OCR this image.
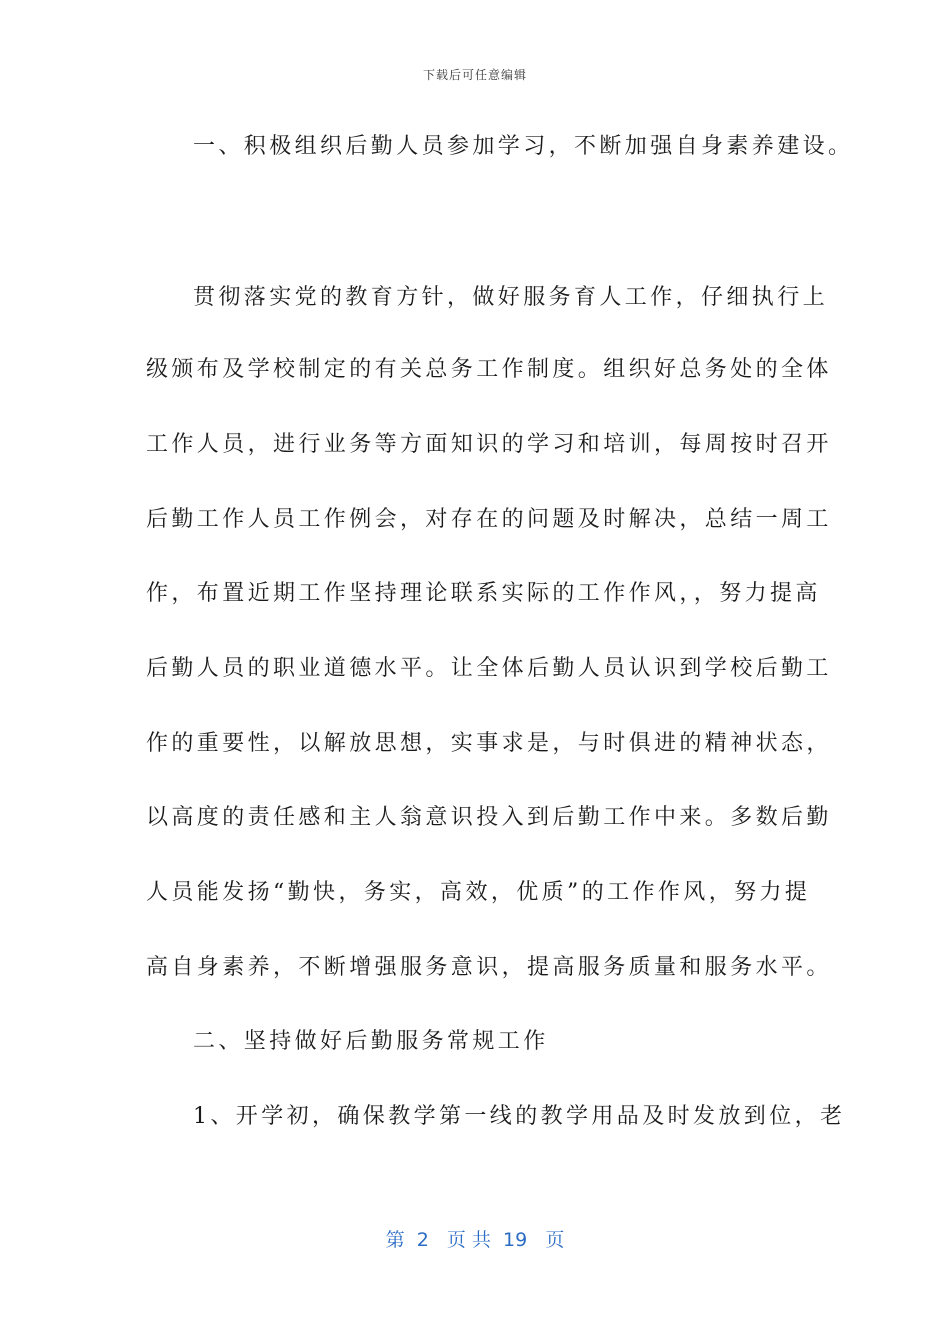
下载后可任意编辑
一、积极组织后勤人员参加学习，不断加强自身素养建设。
贯彻落实党的教育方针，做好服务育人工作，仔细执行上
级颁布及学校制定的有关总务工作制度。组织好总务处的全体
工作人员，进行业务等方面知识的学习和培训，每周按时召开
后勤工作人员工作例会，对存在的问题及时解决，总结一周工
作，布置近期工作坚持理论联系实际的工作作风，，努力提高
后勤人员的职业道德水平。让全体后勤人员认识到学校后勤工
作的重要性，以解放思想，实事求是，与时俱进的精神状态，
以高度的责任感和主人翁意识投入到后勤工作中来。多数后勤
人员能发扬“勤快，务实，高效，优质”的工作作风，努力提
高自身素养，不断增强服务意识，提高服务质量和服务水平。
二、坚持做好后勤服务常规工作
1、开学初，确保教学第一线的教学用品及时发放到位，老
第  2   页 共  19   页
